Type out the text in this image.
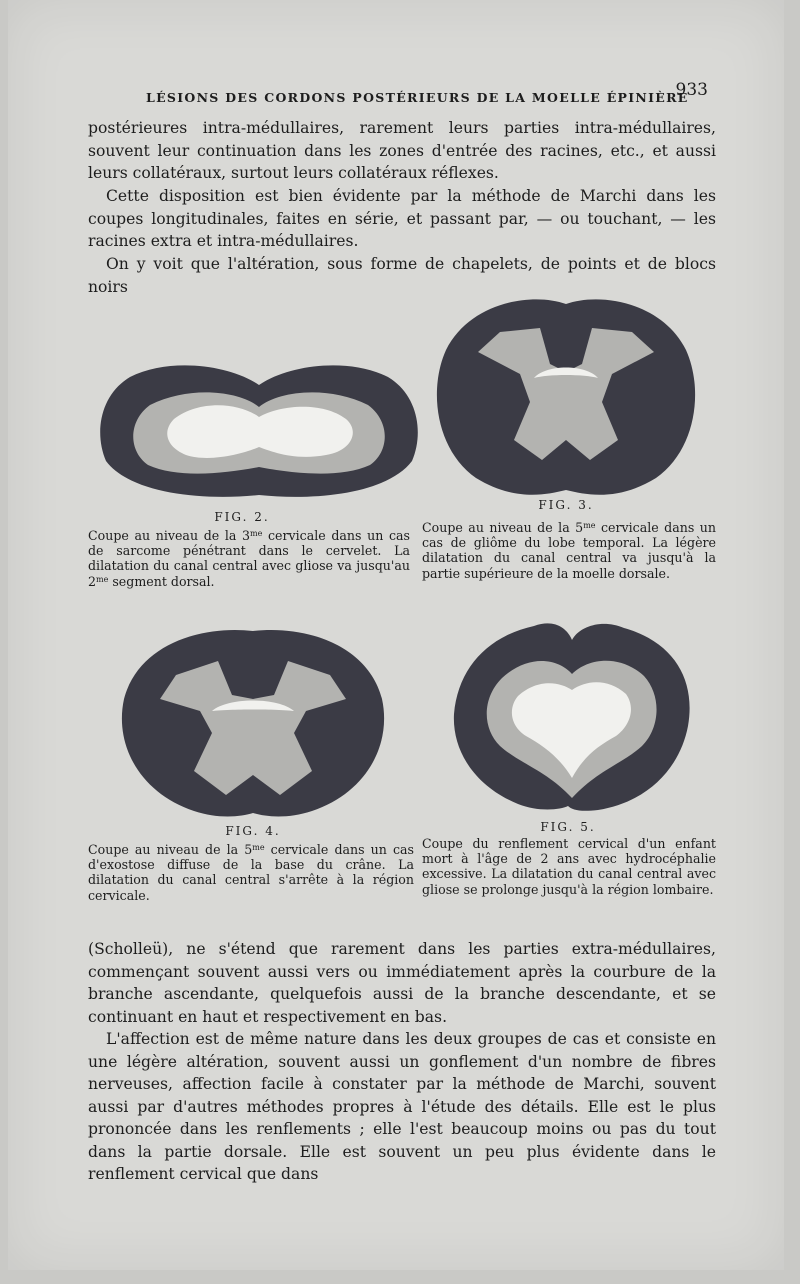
LÉSIONS DES CORDONS POSTÉRIEURS DE LA MOELLE ÉPINIÈRE
933

postérieures intra-médullaires, rarement leurs parties intra-médullaires, souvent leur continuation dans les zones d'entrée des racines, etc., et aussi leurs collatéraux, surtout leurs collatéraux réflexes.

Cette disposition est bien évidente par la méthode de Marchi dans les coupes longitudinales, faites en série, et passant par, — ou touchant, — les racines extra et intra-médullaires.

On y voit que l'altération, sous forme de chapelets, de points et de blocs noirs

FIG. 2.

Coupe au niveau de la $3^{me}$ cervicale dans un cas de sarcome pénétrant dans le cervelet. La dilatation du canal central avec gliose va jusqu'au $2^{me}$ segment dorsal.

FIG. 3.

Coupe au niveau de la $5^{me}$ cervicale dans un cas de gliôme du lobe temporal. La légère dilatation du canal central va jusqu'à la partie supérieure de la moelle dorsale.

FIG. 4.

Coupe au niveau de la $5^{me}$ cervicale dans un cas d'exostose diffuse de la base du crâne. La dilatation du canal central s'arrête à la région cervicale.

FIG. 5.

Coupe du renflement cervical d'un enfant mort à l'âge de 2 ans avec hydrocéphalie excessive. La dilatation du canal central avec gliose se prolonge jusqu'à la région lombaire.

(Scholleü), ne s'étend que rarement dans les parties extra-médullaires, commençant souvent aussi vers ou immédiatement après la courbure de la branche ascendante, quelquefois aussi de la branche descendante, et se continuant en haut et respectivement en bas.

L'affection est de même nature dans les deux groupes de cas et consiste en une légère altération, souvent aussi un gonflement d'un nombre de fibres nerveuses, affection facile à constater par la méthode de Marchi, souvent aussi par d'autres méthodes propres à l'étude des détails. Elle est le plus prononcée dans les renflements ; elle l'est beaucoup moins ou pas du tout dans la partie dorsale. Elle est souvent un peu plus évidente dans le renflement cervical que dans
